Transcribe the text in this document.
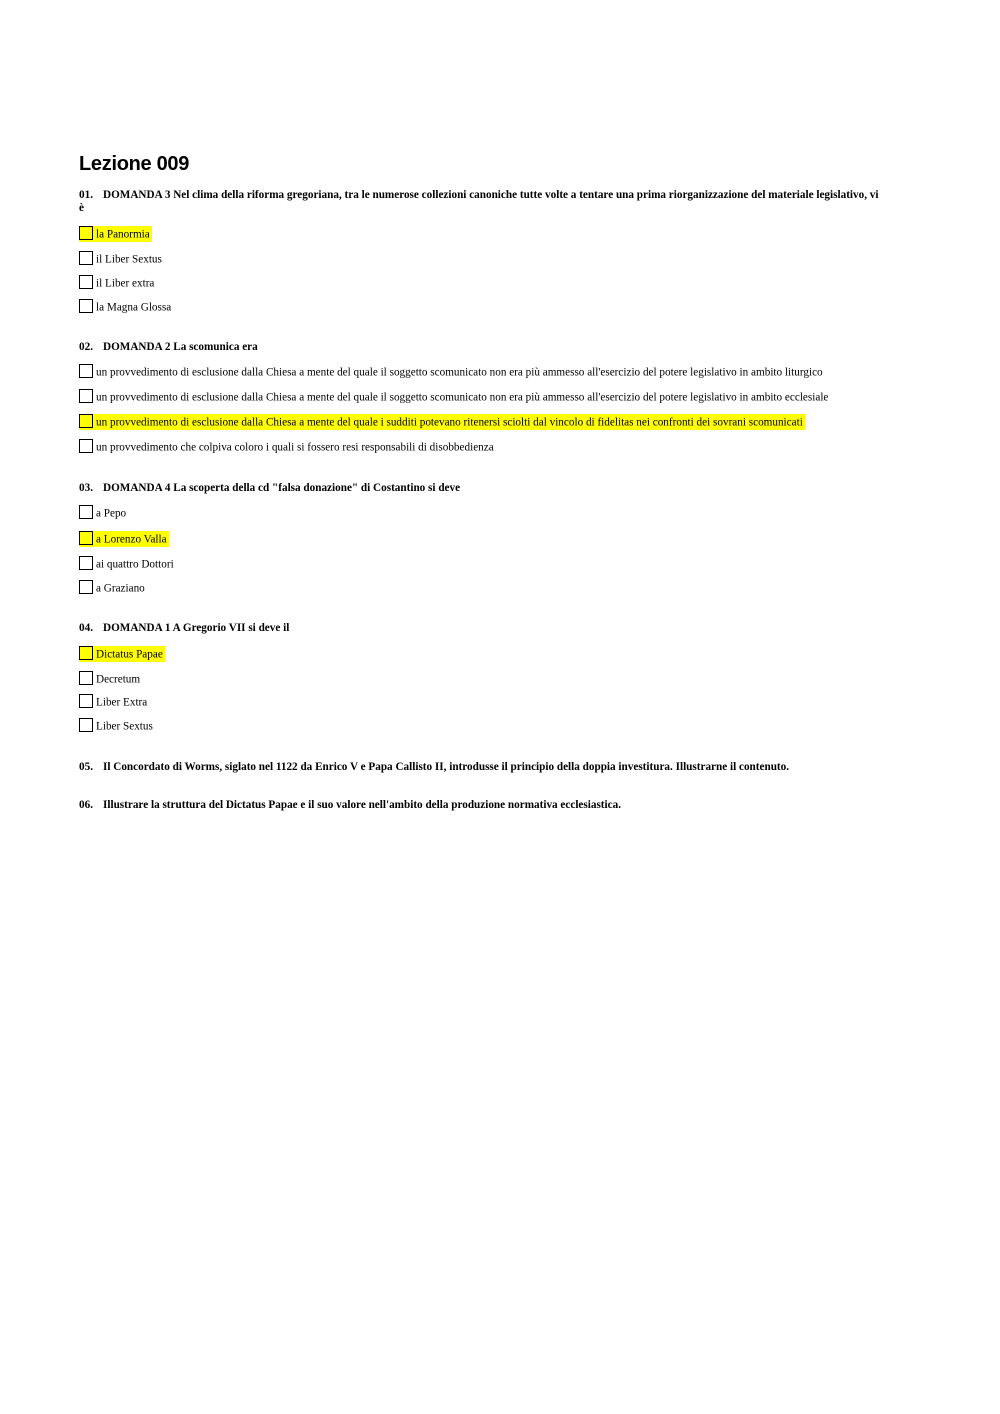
Lezione 009
01. DOMANDA 3 Nel clima della riforma gregoriana, tra le numerose collezioni canoniche tutte volte a tentare una prima riorganizzazione del materiale legislativo, vi è
la Panormia
il Liber Sextus
il Liber extra
la Magna Glossa
02. DOMANDA 2 La scomunica era
un provvedimento di esclusione dalla Chiesa a mente del quale il soggetto scomunicato non era più ammesso all'esercizio del potere legislativo in ambito liturgico
un provvedimento di esclusione dalla Chiesa a mente del quale il soggetto scomunicato non era più ammesso all'esercizio del potere legislativo in ambito ecclesiale
un provvedimento di esclusione dalla Chiesa a mente del quale i sudditi potevano ritenersi sciolti dal vincolo di fidelitas nei confronti dei sovrani scomunicati
un provvedimento che colpiva coloro i quali si fossero resi responsabili di disobbedienza
03. DOMANDA 4 La scoperta della cd "falsa donazione" di Costantino si deve
a Pepo
a Lorenzo Valla
ai quattro Dottori
a Graziano
04. DOMANDA 1 A Gregorio VII si deve il
Dictatus Papae
Decretum
Liber Extra
Liber Sextus
05. Il Concordato di Worms, siglato nel 1122 da Enrico V e Papa Callisto II, introdusse il principio della doppia investitura. Illustrarne il contenuto.
06. Illustrare la struttura del Dictatus Papae e il suo valore nell'ambito della produzione normativa ecclesiastica.
